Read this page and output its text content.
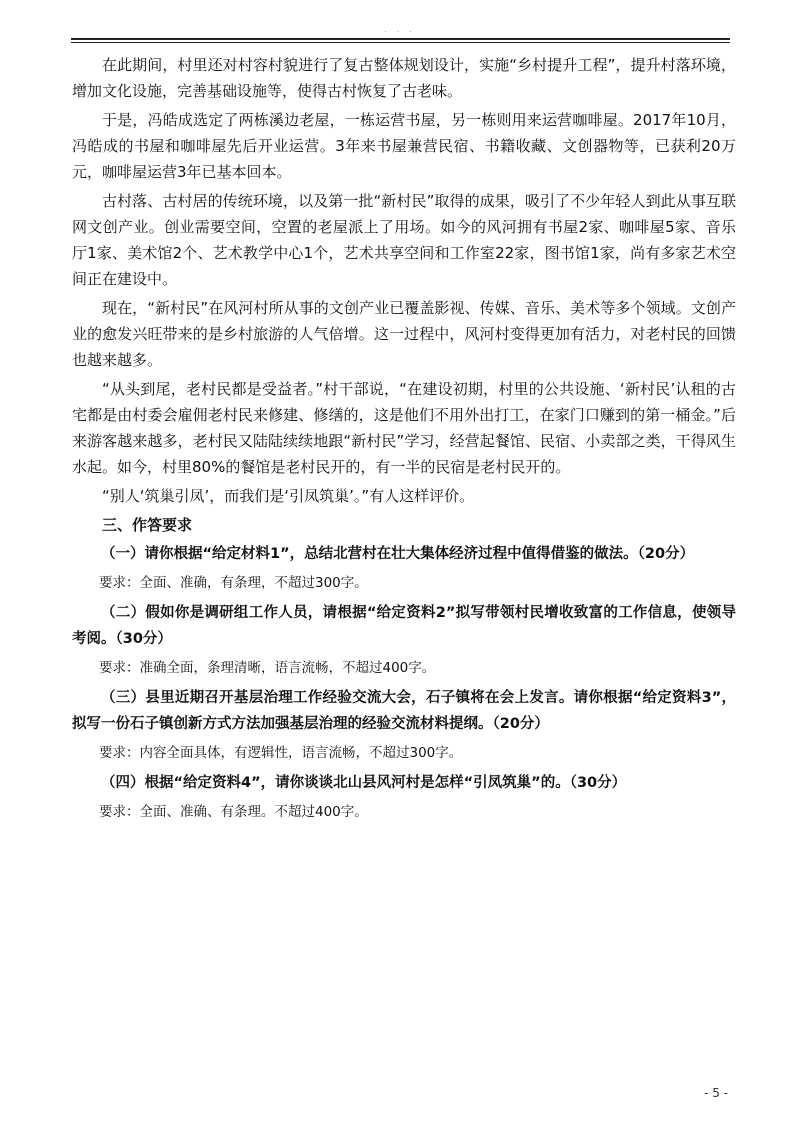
· · ·

在此期间，村里还对村容村貌进行了复古整体规划设计，实施“乡村提升工程”，提升村落环境，增加文化设施，完善基础设施等，使得古村恢复了古老味。

于是，冯皓成选定了两栋溪边老屋，一栋运营书屋，另一栋则用来运营咖啡屋。2017年10月，冯皓成的书屋和咖啡屋先后开业运营。3年来书屋兼营民宿、书籍收藏、文创器物等，已获利20万元，咖啡屋运营3年已基本回本。

古村落、古村居的传统环境，以及第一批“新村民”取得的成果，吸引了不少年轻人到此从事互联网文创产业。创业需要空间，空置的老屋派上了用场。如今的风河拥有书屋2家、咖啡屋5家、音乐厅1家、美术馆2个、艺术教学中心1个，艺术共享空间和工作室22家，图书馆1家，尚有多家艺术空间正在建设中。

现在，“新村民”在风河村所从事的文创产业已覆盖影视、传媒、音乐、美术等多个领域。文创产业的愈发兴旺带来的是乡村旅游的人气倍增。这一过程中，风河村变得更加有活力，对老村民的回馈也越来越多。

“从头到尾，老村民都是受益者。”村干部说，“在建设初期，村里的公共设施、‘新村民’认租的古宅都是由村委会雇佣老村民来修建、修缮的，这是他们不用外出打工，在家门口赚到的第一桶金。”后来游客越来越多，老村民又陆陆续续地跟“新村民”学习，经营起餐馆、民宿、小卖部之类，干得风生水起。如今，村里80%的餐馆是老村民开的，有一半的民宿是老村民开的。

“别人‘筑巢引凤’，而我们是‘引凤筑巢’。”有人这样评价。

三、作答要求

（一）请你根据“给定材料1”，总结北营村在壮大集体经济过程中值得借鉴的做法。（20分）

要求：全面、准确，有条理，不超过300字。

（二）假如你是调研组工作人员，请根据“给定资料2”拟写带领村民增收致富的工作信息，使领导考阅。（30分）

要求：准确全面，条理清晰，语言流畅，不超过400字。

（三）县里近期召开基层治理工作经验交流大会，石子镇将在会上发言。请你根据“给定资料3”，拟写一份石子镇创新方式方法加强基层治理的经验交流材料提纲。（20分）

要求：内容全面具体，有逻辑性，语言流畅，不超过300字。

（四）根据“给定资料4”，请你谈谈北山县风河村是怎样“引凤筑巢”的。（30分）

要求：全面、准确、有条理。不超过400字。

- 5 -
